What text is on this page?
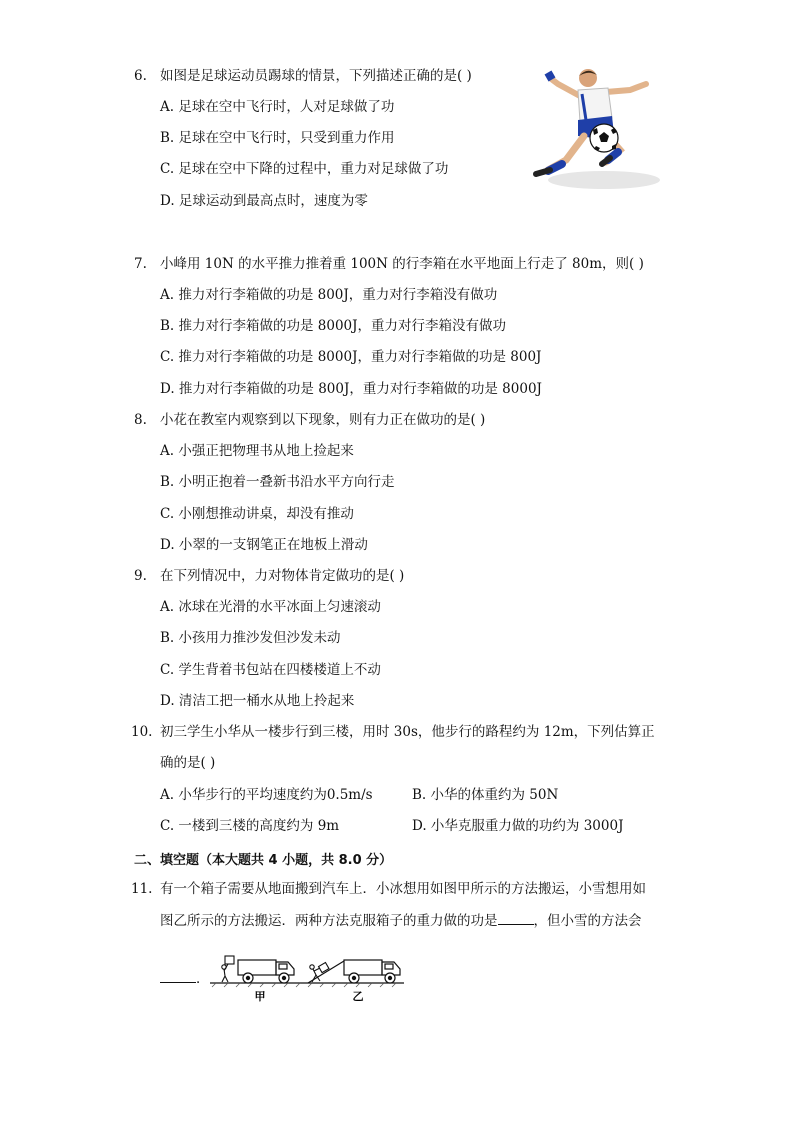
6. 如图是足球运动员踢球的情景，下列描述正确的是( )
A. 足球在空中飞行时，人对足球做了功
B. 足球在空中飞行时，只受到重力作用
C. 足球在空中下降的过程中，重力对足球做了功
D. 足球运动到最高点时，速度为零
7. 小峰用 10N 的水平推力推着重 100N 的行李箱在水平地面上行走了 80m，则( )
A. 推力对行李箱做的功是 800J，重力对行李箱没有做功
B. 推力对行李箱做的功是 8000J，重力对行李箱没有做功
C. 推力对行李箱做的功是 8000J，重力对行李箱做的功是 800J
D. 推力对行李箱做的功是 800J，重力对行李箱做的功是 8000J
8. 小花在教室内观察到以下现象，则有力正在做功的是( )
A. 小强正把物理书从地上捡起来
B. 小明正抱着一叠新书沿水平方向行走
C. 小刚想推动讲桌，却没有推动
D. 小翠的一支钢笔正在地板上滑动
9. 在下列情况中，力对物体肯定做功的是( )
A. 冰球在光滑的水平冰面上匀速滚动
B. 小孩用力推沙发但沙发未动
C. 学生背着书包站在四楼楼道上不动
D. 清洁工把一桶水从地上拎起来
10. 初三学生小华从一楼步行到三楼，用时 30s，他步行的路程约为 12m，下列估算正
确的是( )
A. 小华步行的平均速度约为0.5m/s	B. 小华的体重约为 50N
C. 一楼到三楼的高度约为 9m	D. 小华克服重力做的功约为 3000J
二、填空题（本大题共 4 小题，共 8.0 分）
11. 有一个箱子需要从地面搬到汽车上．小冰想用如图甲所示的方法搬运，小雪想用如
图乙所示的方法搬运．两种方法克服箱子的重力做的功是	，但小雪的方法会
．
甲	乙
